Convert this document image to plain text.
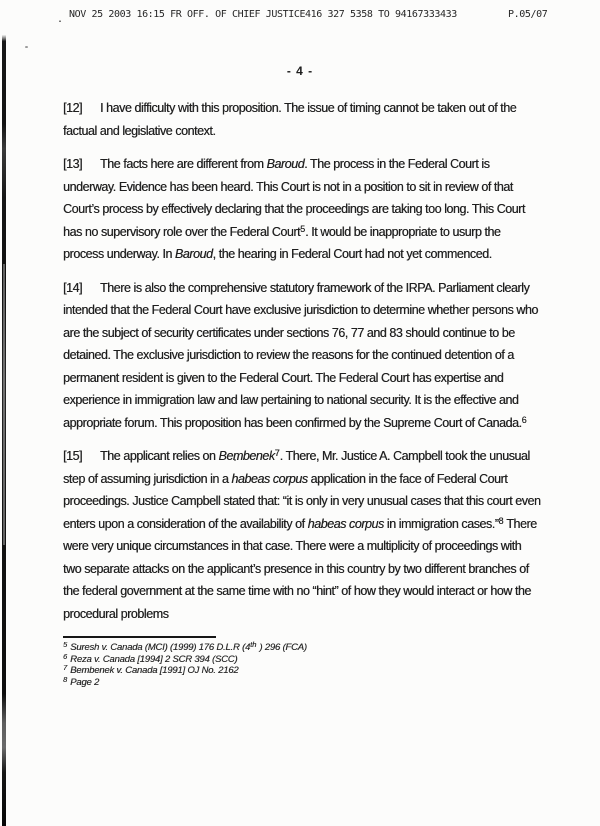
.

NOV 25 2003 16:15 FR OFF. OF CHIEF JUSTICE416 327 5358 TO 94167333433

	P.05/07

- 4 -

[12] I have difficulty with this proposition. The issue of timing cannot be taken out of the factual and legislative context.

[13] The facts here are different from Baroud. The process in the Federal Court is underway. Evidence has been heard. This Court is not in a position to sit in review of that Court’s process by effectively declaring that the proceedings are taking too long. This Court has no supervisory role over the Federal Court$^5$. It would be inappropriate to usurp the process underway. In Baroud, the hearing in Federal Court had not yet commenced.

[14] There is also the comprehensive statutory framework of the IRPA. Parliament clearly intended that the Federal Court have exclusive jurisdiction to determine whether persons who are the subject of security certificates under sections 76, 77 and 83 should continue to be detained. The exclusive jurisdiction to review the reasons for the continued detention of a permanent resident is given to the Federal Court. The Federal Court has expertise and experience in immigration law and law pertaining to national security. It is the effective and appropriate forum. This proposition has been confirmed by the Supreme Court of Canada.$^6$

[15] The applicant relies on Bembenek$^7$. There, Mr. Justice A. Campbell took the unusual step of assuming jurisdiction in a habeas corpus application in the face of Federal Court proceedings. Justice Campbell stated that: “it is only in very unusual cases that this court even enters upon a consideration of the availability of habeas corpus in immigration cases.”$^8$ There were very unique circumstances in that case. There were a multiplicity of proceedings with two separate attacks on the applicant’s presence in this country by two different branches of the federal government at the same time with no “hint” of how they would interact or how the procedural problems

$^5$ Suresh v. Canada (MCI) (1999) 176 D.L.R (4th ) 296 (FCA)
$^6$ Reza v. Canada [1994] 2 SCR 394 (SCC)
$^7$ Bembenek v. Canada [1991] OJ No. 2162
$^8$ Page 2
